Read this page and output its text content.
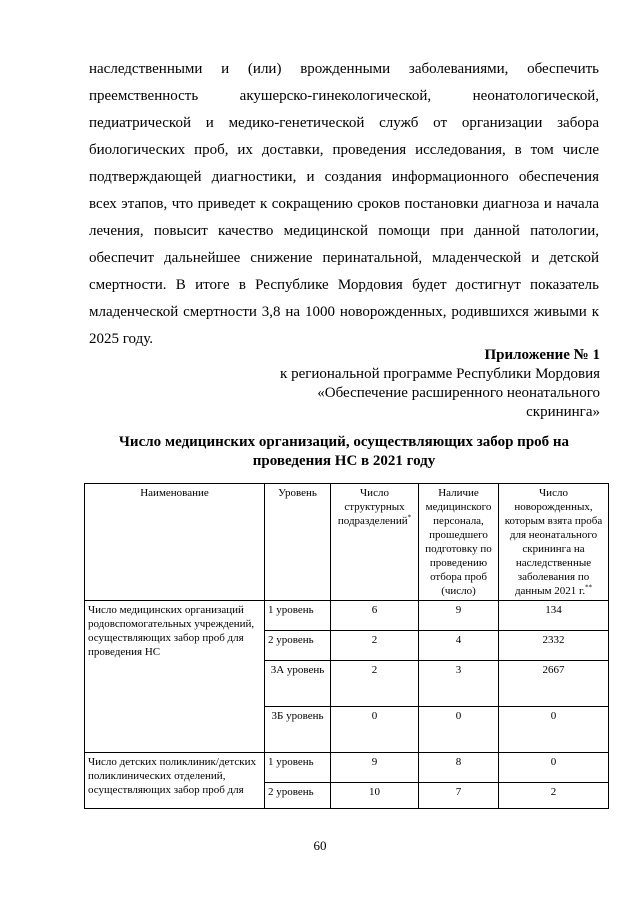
наследственными и (или) врожденными заболеваниями, обеспечить
преемственность акушерско-гинекологической, неонатологической,
педиатрической и медико-генетической служб от организации забора
биологических проб, их доставки, проведения исследования, в том числе
подтверждающей диагностики, и создания информационного обеспечения
всех этапов, что приведет к сокращению сроков постановки диагноза и начала
лечения, повысит качество медицинской помощи при данной патологии,
обеспечит дальнейшее снижение перинатальной, младенческой и детской
смертности. В итоге в Республике Мордовия будет достигнут показатель
младенческой смертности 3,8 на 1000 новорожденных, родившихся живыми к
2025 году.
Приложение № 1
к региональной программе Республики Мордовия
«Обеспечение расширенного неонатального
скрининга»
Число медицинских организаций, осуществляющих забор проб на
проведения НС в 2021 году
Наименование	Уровень	Число структурных подразделений*	Наличие медицинского персонала, прошедшего подготовку по проведению отбора проб (число)	Число новорожденных, которым взята проба для неонатального скрининга на наследственные заболевания по данным 2021 г.**
Число медицинских организаций родовспомогательных учреждений, осуществляющих забор проб для проведения НС	1 уровень	6	9	134
	2 уровень	2	4	2332
	3А уровень	2	3	2667
	3Б уровень	0	0	0
Число детских поликлиник/детских поликлинических отделений, осуществляющих забор проб для	1 уровень	9	8	0
	2 уровень	10	7	2
60
